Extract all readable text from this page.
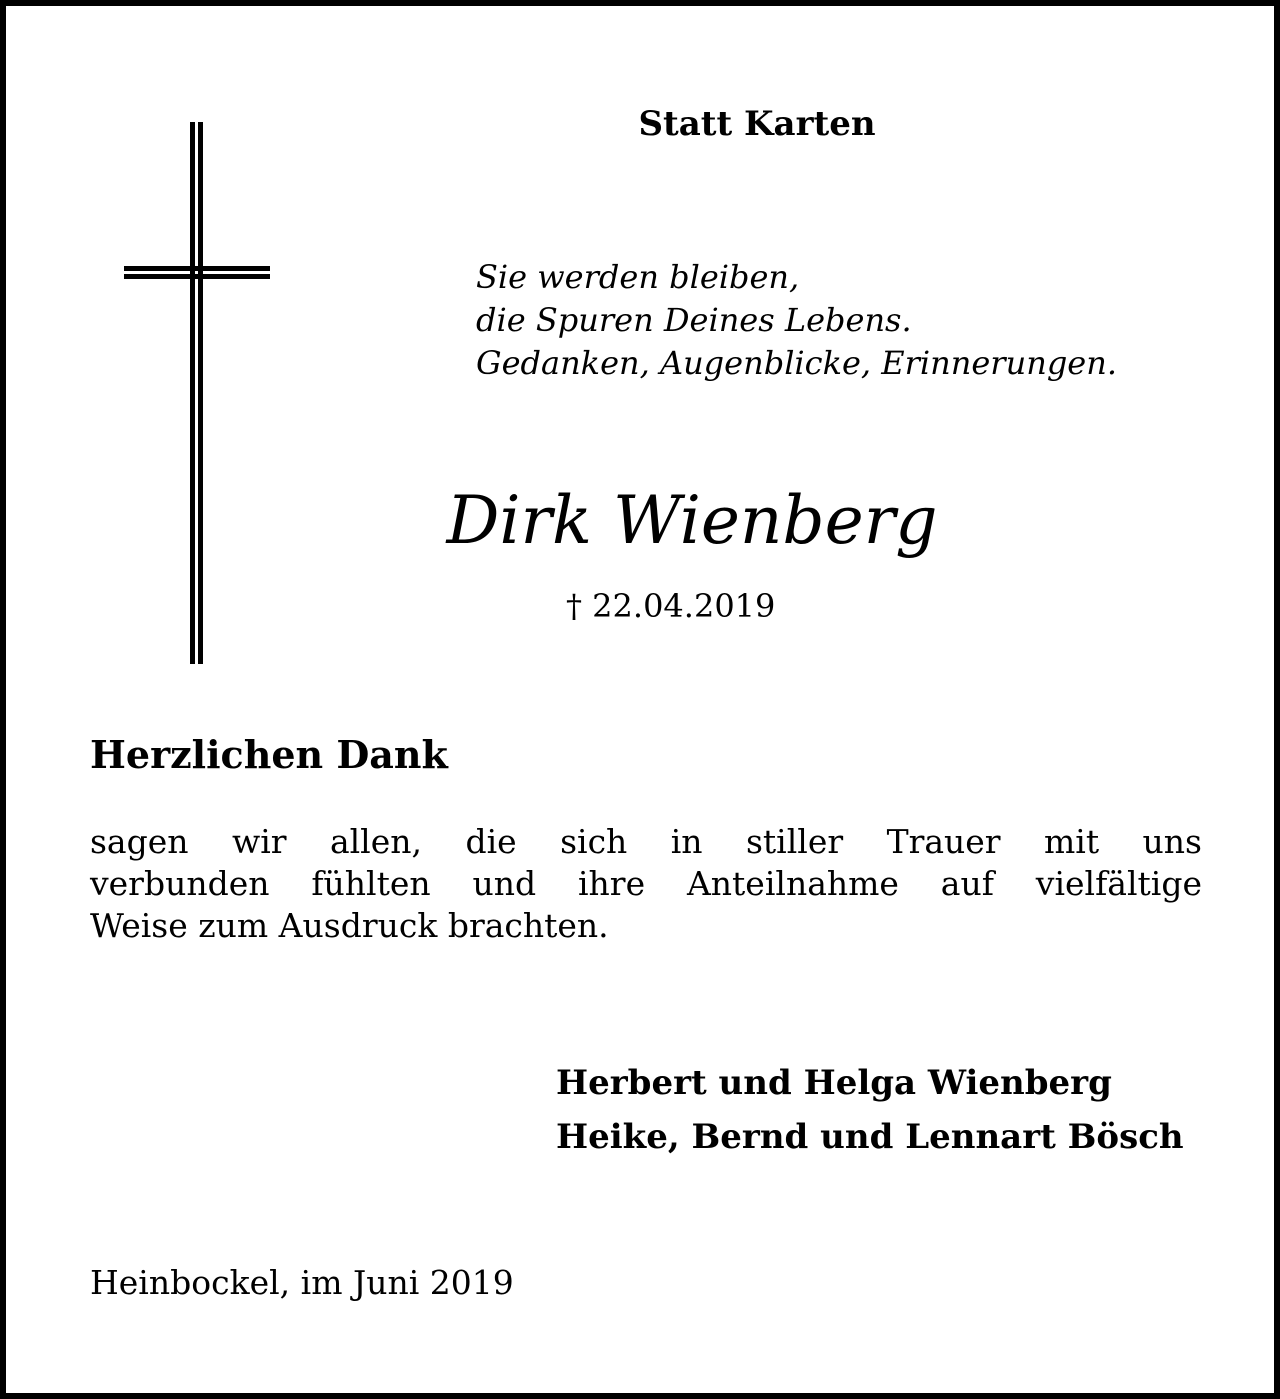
Statt Karten
Sie werden bleiben,
die Spuren Deines Lebens.
Gedanken, Augenblicke, Erinnerungen.
Dirk Wienberg
† 22.04.2019
Herzlichen Dank
sagen wir allen, die sich in stiller Trauer mit uns
verbunden fühlten und ihre Anteilnahme auf vielfältige
Weise zum Ausdruck brachten.
Herbert und Helga Wienberg
Heike, Bernd und Lennart Bösch
Heinbockel, im Juni 2019
